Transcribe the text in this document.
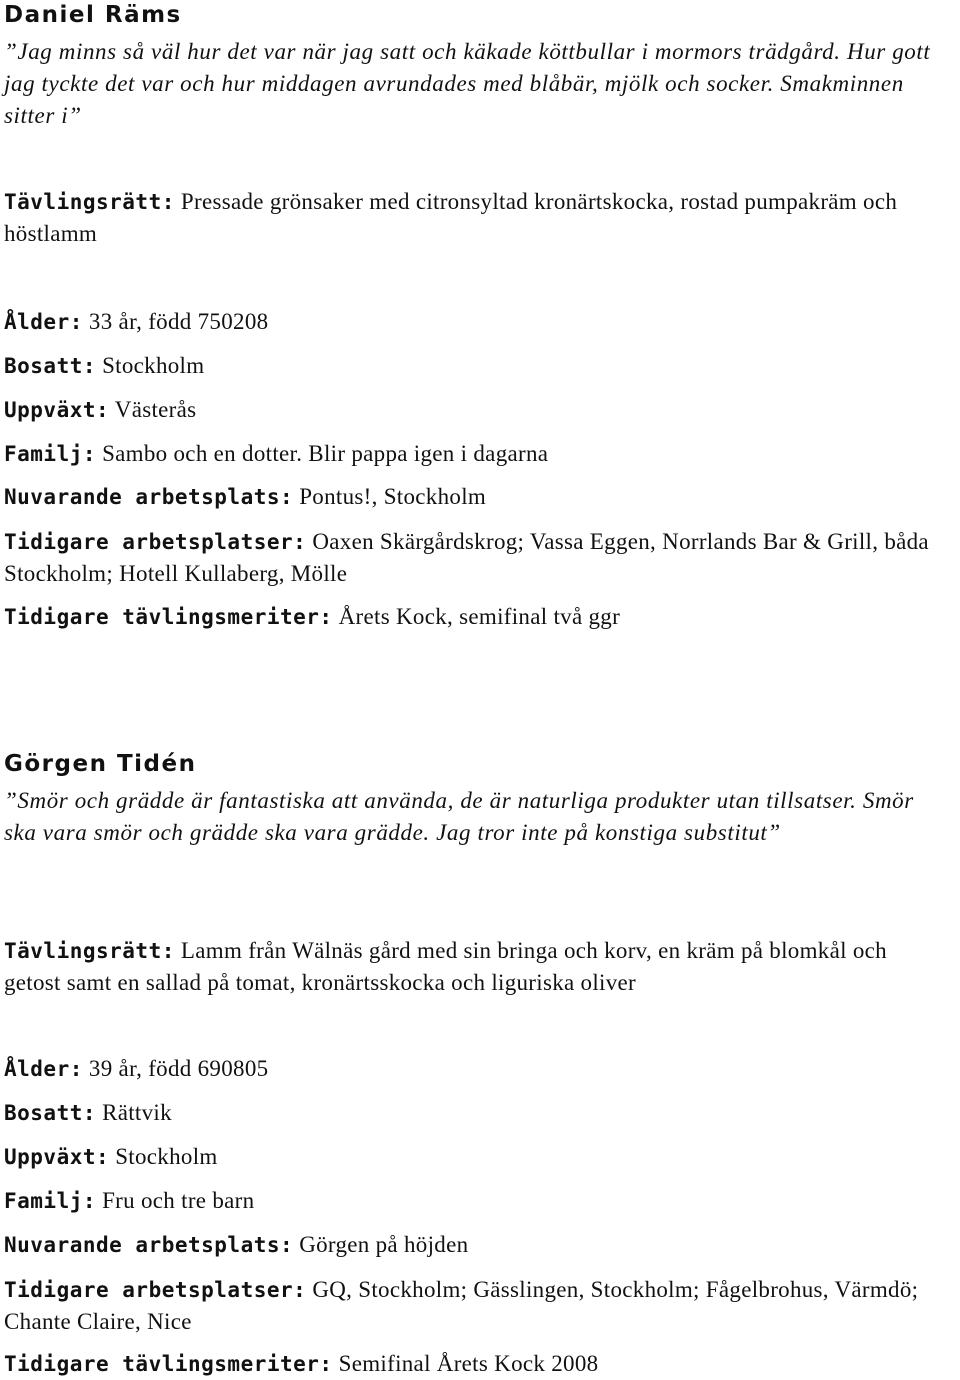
Daniel Räms

”Jag minns så väl hur det var när jag satt och käkade köttbullar i mormors trädgård. Hur gott jag tyckte det var och hur middagen avrundades med blåbär, mjölk och socker. Smakminnen sitter i”

Tävlingsrätt: Pressade grönsaker med citronsyltad kronärtskocka, rostad pumpakräm och höstlamm

Ålder: 33 år, född 750208

Bosatt: Stockholm

Uppväxt: Västerås

Familj: Sambo och en dotter. Blir pappa igen i dagarna

Nuvarande arbetsplats: Pontus!, Stockholm

Tidigare arbetsplatser: Oaxen Skärgårdskrog; Vassa Eggen, Norrlands Bar & Grill, båda Stockholm; Hotell Kullaberg, Mölle

Tidigare tävlingsmeriter: Årets Kock, semifinal två ggr

Görgen Tidén

”Smör och grädde är fantastiska att använda, de är naturliga produkter utan tillsatser. Smör ska vara smör och grädde ska vara grädde. Jag tror inte på konstiga substitut”

Tävlingsrätt: Lamm från Wälnäs gård med sin bringa och korv, en kräm på blomkål och getost samt en sallad på tomat, kronärtsskocka och liguriska oliver

Ålder: 39 år, född 690805

Bosatt: Rättvik

Uppväxt: Stockholm

Familj: Fru och tre barn

Nuvarande arbetsplats: Görgen på höjden

Tidigare arbetsplatser: GQ, Stockholm; Gässlingen, Stockholm; Fågelbrohus, Värmdö; Chante Claire, Nice

Tidigare tävlingsmeriter: Semifinal Årets Kock 2008
